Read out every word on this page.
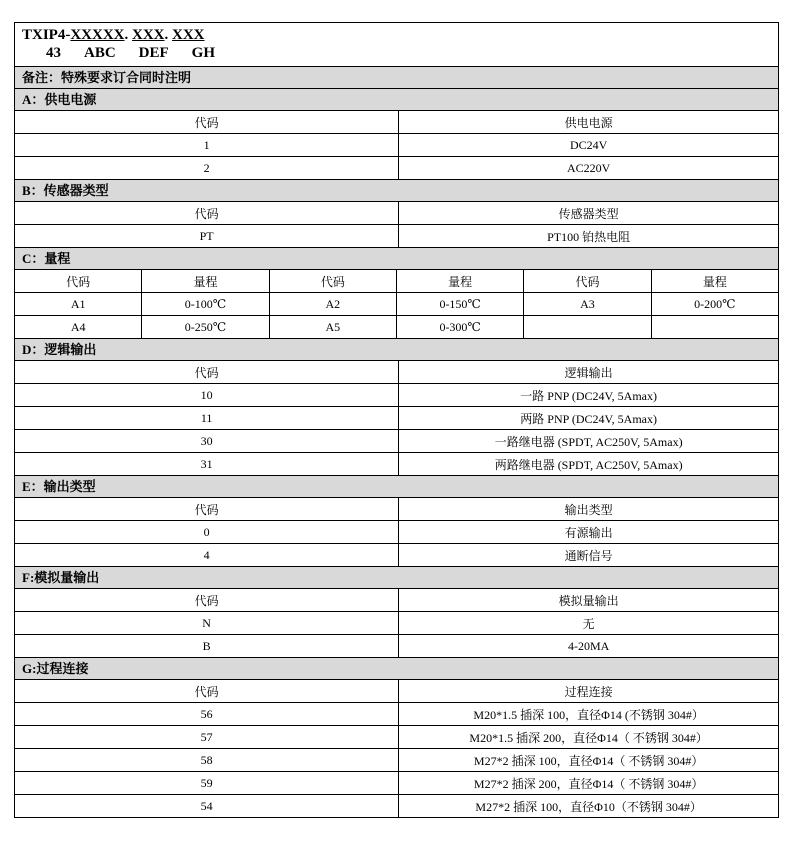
TXIP4-XXXXX. XXX. XXX
43 ABC DEF GH
备注：特殊要求订合同时注明
A：供电电源
代码	供电电源
1	DC24V
2	AC220V
B：传感器类型
代码	传感器类型
PT	PT100 铂热电阻
C：量程
代码	量程	代码	量程	代码	量程
A1	0-100℃	A2	0-150℃	A3	0-200℃
A4	0-250℃	A5	0-300℃		
D：逻辑输出
代码	逻辑输出
10	一路 PNP (DC24V, 5Amax)
11	两路 PNP (DC24V, 5Amax)
30	一路继电器 (SPDT, AC250V, 5Amax)
31	两路继电器 (SPDT, AC250V, 5Amax)
E：输出类型
代码	输出类型
0	有源输出
4	通断信号
F:模拟量输出
代码	模拟量输出
N	无
B	4-20MA
G:过程连接
代码	过程连接
56	M20*1.5 插深 100，直径Φ14 (不锈钢 304#）
57	M20*1.5 插深 200，直径Φ14（ 不锈钢 304#）
58	M27*2 插深 100，直径Φ14（ 不锈钢 304#）
59	M27*2 插深 200，直径Φ14（ 不锈钢 304#）
54	M27*2 插深 100，直径Φ10（不锈钢 304#）
